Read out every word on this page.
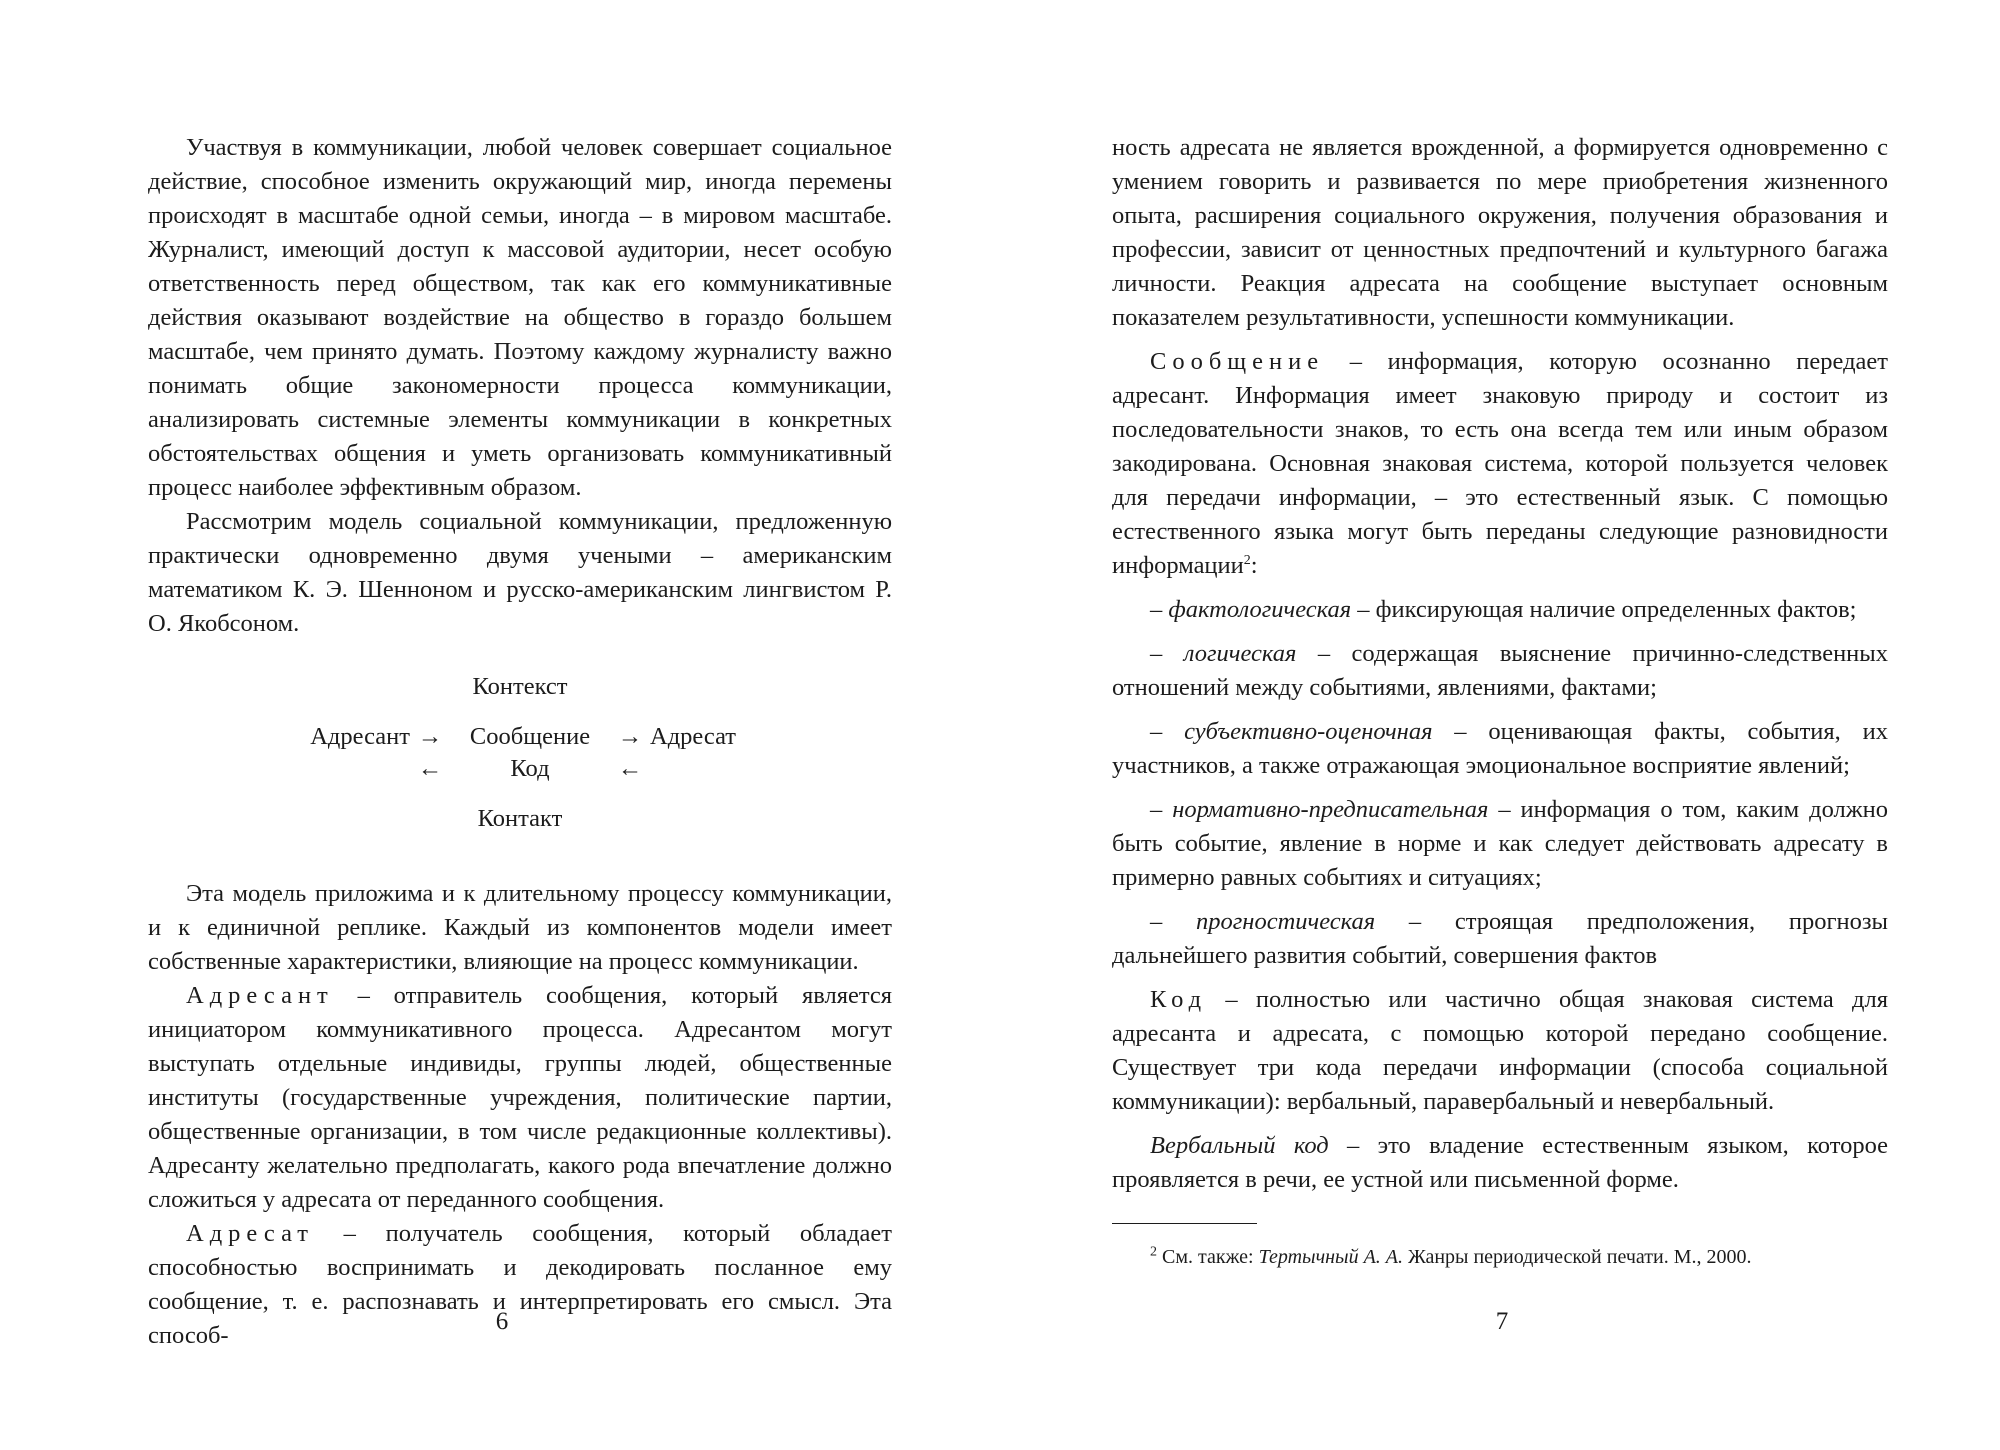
Участвуя в коммуникации, любой человек совершает социальное действие, способное изменить окружающий мир, иногда перемены происходят в масштабе одной семьи, иногда – в мировом масштабе. Журналист, имеющий доступ к массовой аудитории, несет особую ответственность перед обществом, так как его коммуникативные действия оказывают воздействие на общество в гораздо большем масштабе, чем принято думать. Поэтому каждому журналисту важно понимать общие закономерности процесса коммуникации, анализировать системные элементы коммуникации в конкретных обстоятельствах общения и уметь организовать коммуникативный процесс наиболее эффективным образом.

Рассмотрим модель социальной коммуникации, предложенную практически одновременно двумя учеными – американским математиком К. Э. Шенноном и русско-американским лингвистом Р. О. Якобсоном.

Контекст
Адресант →	Сообщение	→ Адресат
←	Код	←
Контакт

Эта модель приложима и к длительному процессу коммуникации, и к единичной реплике. Каждый из компонентов модели имеет собственные характеристики, влияющие на процесс коммуникации.

Адресант – отправитель сообщения, который является инициатором коммуникативного процесса. Адресантом могут выступать отдельные индивиды, группы людей, общественные институты (государственные учреждения, политические партии, общественные организации, в том числе редакционные коллективы). Адресанту желательно предполагать, какого рода впечатление должно сложиться у адресата от переданного сообщения.

Адресат – получатель сообщения, который обладает способностью воспринимать и декодировать посланное ему сообщение, т. е. распознавать и интерпретировать его смысл. Эта способ-

6

ность адресата не является врожденной, а формируется одновременно с умением говорить и развивается по мере приобретения жизненного опыта, расширения социального окружения, получения образования и профессии, зависит от ценностных предпочтений и культурного багажа личности. Реакция адресата на сообщение выступает основным показателем результативности, успешности коммуникации.

Сообщение – информация, которую осознанно передает адресант. Информация имеет знаковую природу и состоит из последовательности знаков, то есть она всегда тем или иным образом закодирована. Основная знаковая система, которой пользуется человек для передачи информации, – это естественный язык. С помощью естественного языка могут быть переданы следующие разновидности информации$^2$:

– фактологическая – фиксирующая наличие определенных фактов;

– логическая – содержащая выяснение причинно-следственных отношений между событиями, явлениями, фактами;

– субъективно-оценочная – оценивающая факты, события, их участников, а также отражающая эмоциональное восприятие явлений;

– нормативно-предписательная – информация о том, каким должно быть событие, явление в норме и как следует действовать адресату в примерно равных событиях и ситуациях;

– прогностическая – строящая предположения, прогнозы дальнейшего развития событий, совершения фактов

Код – полностью или частично общая знаковая система для адресанта и адресата, с помощью которой передано сообщение. Существует три кода передачи информации (способа социальной коммуникации): вербальный, паравербальный и невербальный.

Вербальный код – это владение естественным языком, которое проявляется в речи, ее устной или письменной форме.

$^2$ См. также: Тертычный А. А. Жанры периодической печати. М., 2000.

7
